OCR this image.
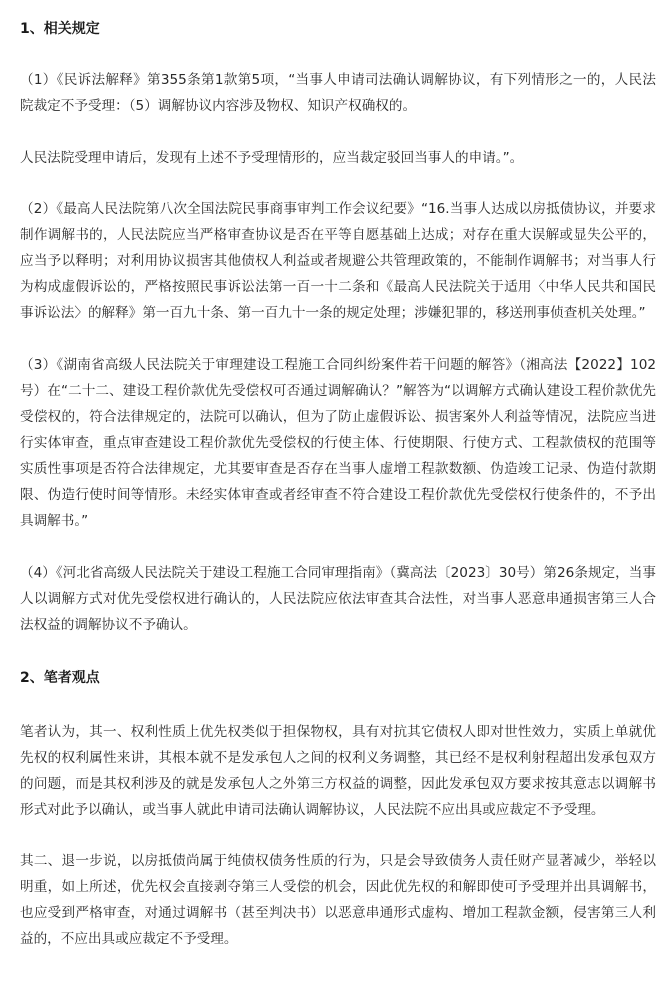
1、相关规定

（1）《民诉法解释》第355条第1款第5项，“当事人申请司法确认调解协议，有下列情形之一的，人民法院裁定不予受理：（5）调解协议内容涉及物权、知识产权确权的。

人民法院受理申请后，发现有上述不予受理情形的，应当裁定驳回当事人的申请。”。

（2）《最高人民法院第八次全国法院民事商事审判工作会议纪要》“16.当事人达成以房抵债协议，并要求制作调解书的，人民法院应当严格审查协议是否在平等自愿基础上达成；对存在重大误解或显失公平的，应当予以释明；对利用协议损害其他债权人利益或者规避公共管理政策的，不能制作调解书；对当事人行为构成虚假诉讼的，严格按照民事诉讼法第一百一十二条和《最高人民法院关于适用〈中华人民共和国民事诉讼法〉的解释》第一百九十条、第一百九十一条的规定处理；涉嫌犯罪的，移送刑事侦查机关处理。”

（3）《湖南省高级人民法院关于审理建设工程施工合同纠纷案件若干问题的解答》（湘高法【2022】102号）在“二十二、建设工程价款优先受偿权可否通过调解确认？”解答为“以调解方式确认建设工程价款优先受偿权的，符合法律规定的，法院可以确认，但为了防止虚假诉讼、损害案外人利益等情况，法院应当进行实体审查，重点审查建设工程价款优先受偿权的行使主体、行使期限、行使方式、工程款债权的范围等实质性事项是否符合法律规定，尤其要审查是否存在当事人虚增工程款数额、伪造竣工记录、伪造付款期限、伪造行使时间等情形。未经实体审查或者经审查不符合建设工程价款优先受偿权行使条件的，不予出具调解书。”

（4）《河北省高级人民法院关于建设工程施工合同审理指南》（冀高法〔2023〕30号）第26条规定，当事人以调解方式对优先受偿权进行确认的，人民法院应依法审查其合法性，对当事人恶意串通损害第三人合法权益的调解协议不予确认。

2、笔者观点

笔者认为，其一、权利性质上优先权类似于担保物权，具有对抗其它债权人即对世性效力，实质上单就优先权的权利属性来讲，其根本就不是发承包人之间的权利义务调整，其已经不是权利射程超出发承包双方的问题，而是其权利涉及的就是发承包人之外第三方权益的调整，因此发承包双方要求按其意志以调解书形式对此予以确认，或当事人就此申请司法确认调解协议，人民法院不应出具或应裁定不予受理。

其二、退一步说，以房抵债尚属于纯债权债务性质的行为，只是会导致债务人责任财产显著减少，举轻以明重，如上所述，优先权会直接剥夺第三人受偿的机会，因此优先权的和解即使可予受理并出具调解书，也应受到严格审查，对通过调解书（甚至判决书）以恶意串通形式虚构、增加工程款金额，侵害第三人利益的，不应出具或应裁定不予受理。
